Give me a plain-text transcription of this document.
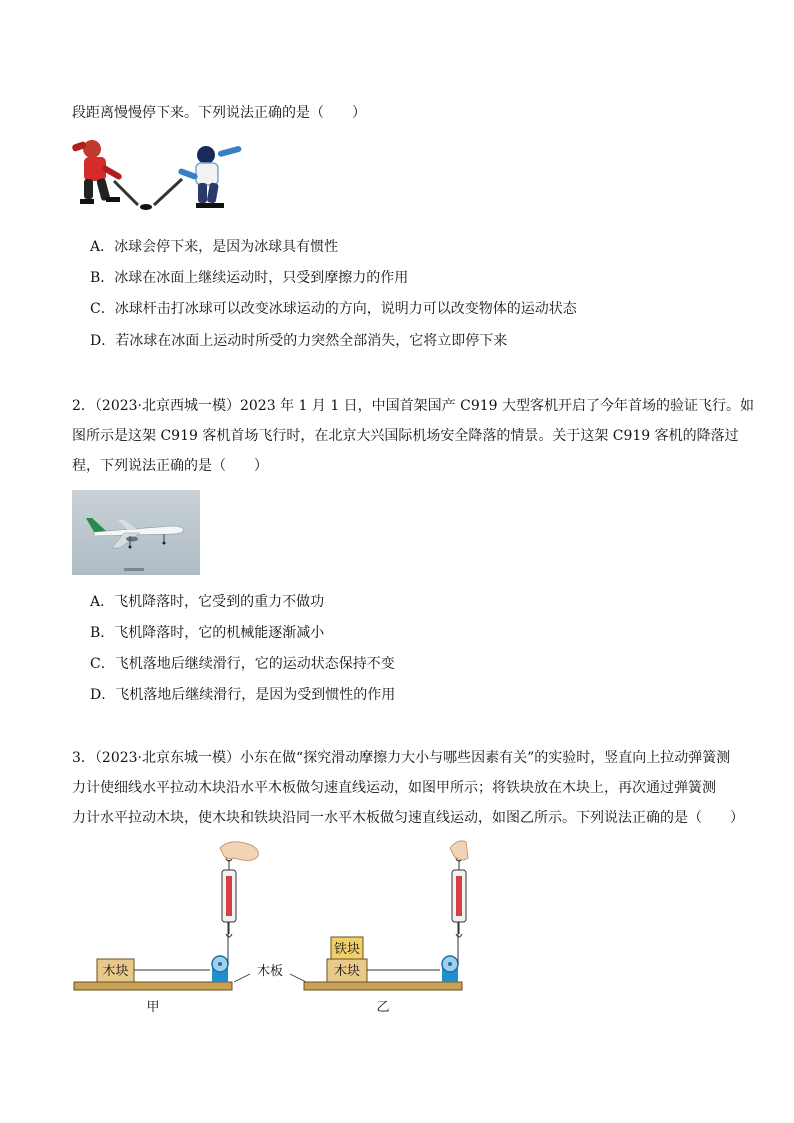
段距离慢慢停下来。下列说法正确的是（　　）
A．冰球会停下来，是因为冰球具有惯性
B．冰球在冰面上继续运动时，只受到摩擦力的作用
C．冰球杆击打冰球可以改变冰球运动的方向，说明力可以改变物体的运动状态
D．若冰球在冰面上运动时所受的力突然全部消失，它将立即停下来
2．（2023·北京西城一模）2023 年 1 月 1 日，中国首架国产 C919 大型客机开启了今年首场的验证飞行。如
图所示是这架 C919 客机首场飞行时，在北京大兴国际机场安全降落的情景。关于这架 C919 客机的降落过
程，下列说法正确的是（　　）
A．飞机降落时，它受到的重力不做功
B．飞机降落时，它的机械能逐渐减小
C．飞机落地后继续滑行，它的运动状态保持不变
D．飞机落地后继续滑行，是因为受到惯性的作用
3．（2023·北京东城一模）小东在做“探究滑动摩擦力大小与哪些因素有关”的实验时，竖直向上拉动弹簧测
力计使细线水平拉动木块沿水平木板做匀速直线运动，如图甲所示；将铁块放在木块上，再次通过弹簧测
力计水平拉动木块，使木块和铁块沿同一水平木板做匀速直线运动，如图乙所示。下列说法正确的是（　　）
木块
甲
木板	木块
铁块
乙
